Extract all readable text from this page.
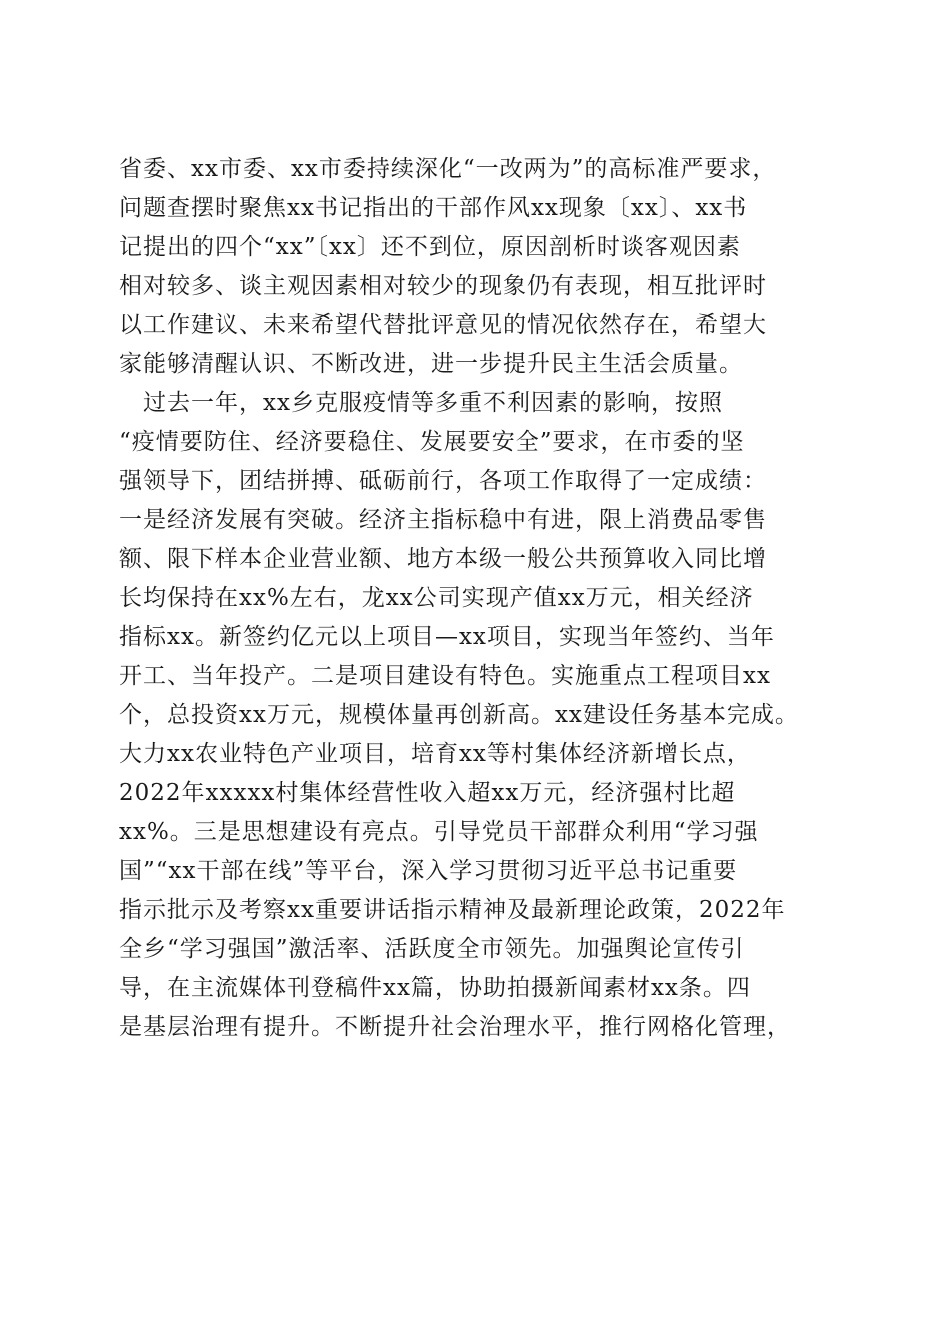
省委、xx市委、xx市委持续深化“一改两为”的高标准严要求，
问题查摆时聚焦xx书记指出的干部作风xx现象〔xx〕、xx书
记提出的四个“xx”〔xx〕还不到位，原因剖析时谈客观因素
相对较多、谈主观因素相对较少的现象仍有表现，相互批评时
以工作建议、未来希望代替批评意见的情况依然存在，希望大
家能够清醒认识、不断改进，进一步提升民主生活会质量。
　过去一年，xx乡克服疫情等多重不利因素的影响，按照
“疫情要防住、经济要稳住、发展要安全”要求，在市委的坚
强领导下，团结拼搏、砥砺前行，各项工作取得了一定成绩：
一是经济发展有突破。经济主指标稳中有进，限上消费品零售
额、限下样本企业营业额、地方本级一般公共预算收入同比增
长均保持在xx%左右，龙xx公司实现产值xx万元，相关经济
指标xx。新签约亿元以上项目—xx项目，实现当年签约、当年
开工、当年投产。二是项目建设有特色。实施重点工程项目xx
个，总投资xx万元，规模体量再创新高。xx建设任务基本完成。
大力xx农业特色产业项目，培育xx等村集体经济新增长点，
2022年xxxxx村集体经营性收入超xx万元，经济强村比超
xx%。三是思想建设有亮点。引导党员干部群众利用“学习强
国”“xx干部在线”等平台，深入学习贯彻习近平总书记重要
指示批示及考察xx重要讲话指示精神及最新理论政策，2022年
全乡“学习强国”激活率、活跃度全市领先。加强舆论宣传引
导，在主流媒体刊登稿件xx篇，协助拍摄新闻素材xx条。四
是基层治理有提升。不断提升社会治理水平，推行网格化管理，
